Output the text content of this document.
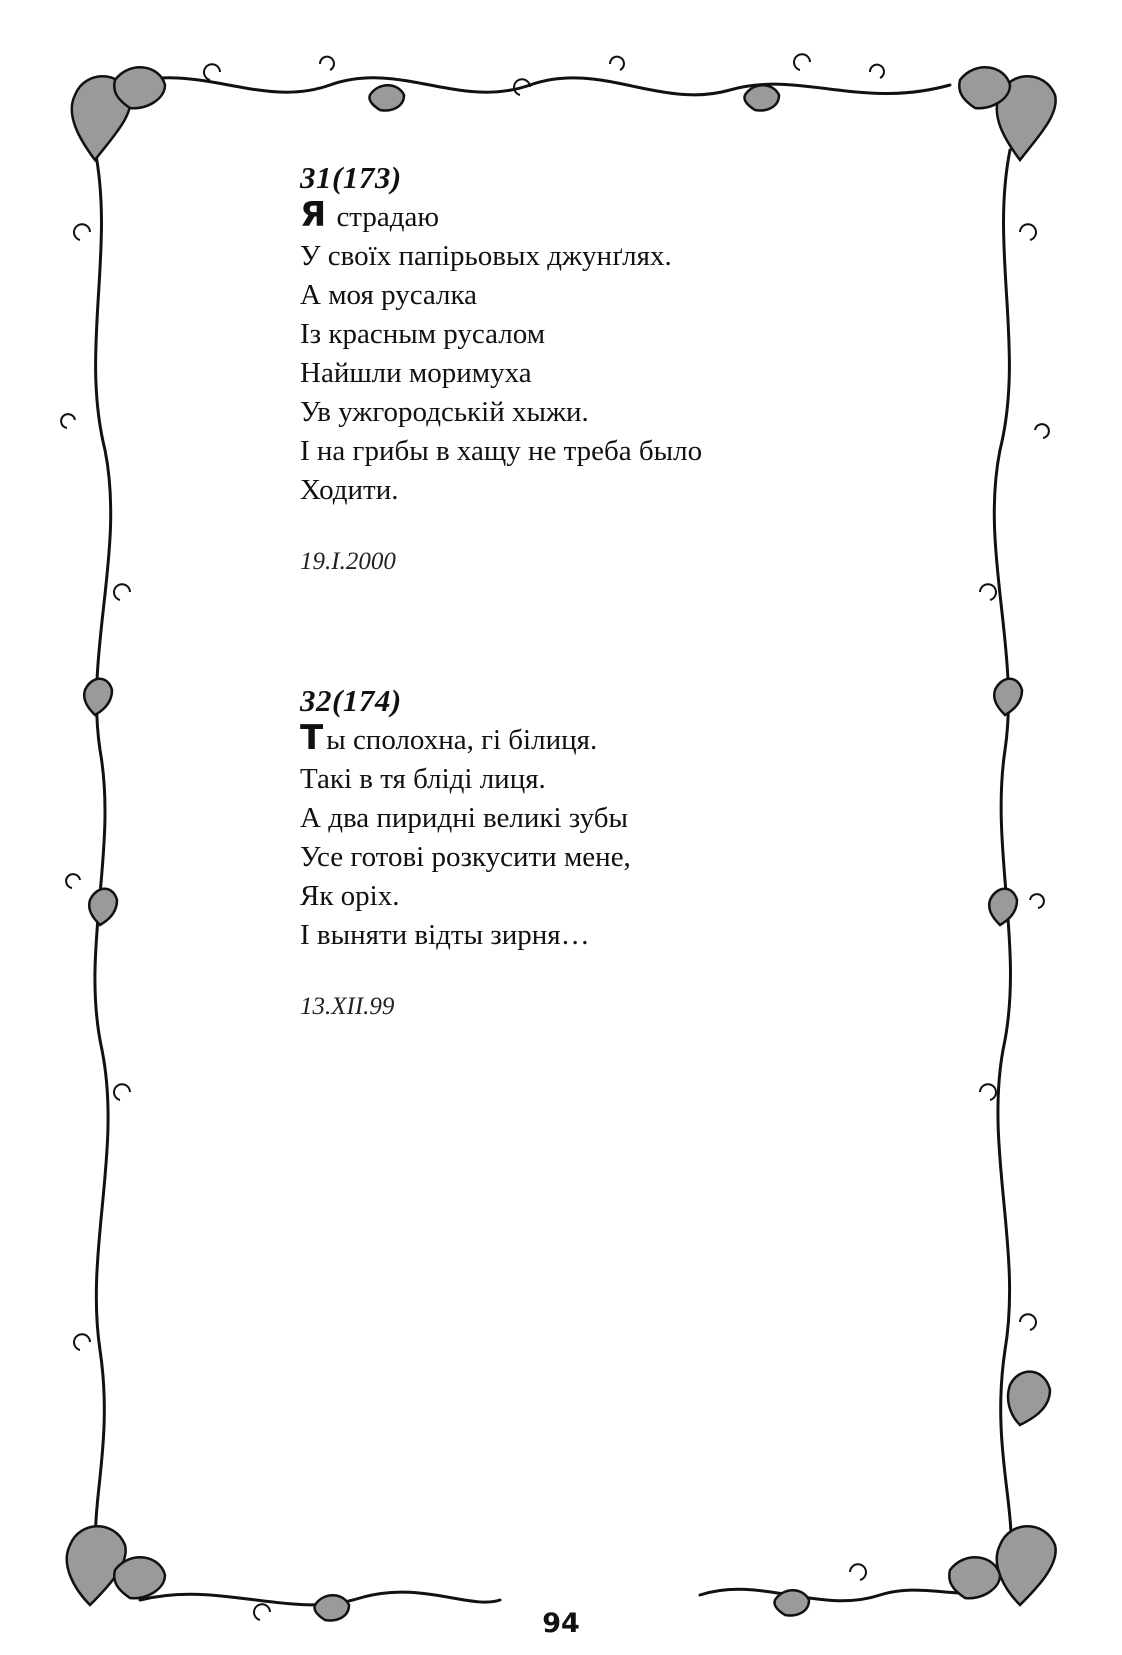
31(173)
Я страдаю
У своїх папірьовых джунґлях.
А моя русалка
Із красным русалом
Найшли моримуха
Ув ужгородській хыжи.
І на грибы в хащу не треба было
Ходити.
19.I.2000
32(174)
Т ы сполохна, гі білиця.
Такі в тя бліді лиця.
А два пиридні великі зубы
Усе готові розкусити мене,
Як оріх.
І выняти відты зирня…
13.XII.99
94
